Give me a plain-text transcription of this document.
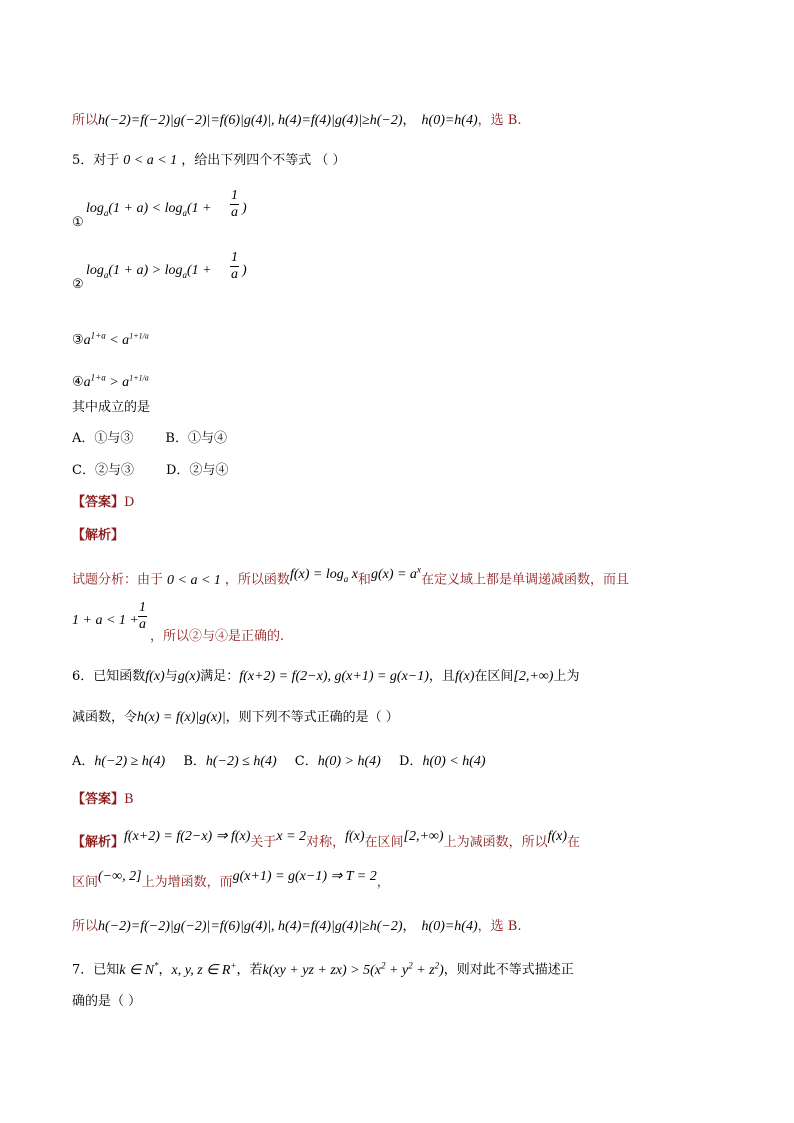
所以h(−2)=f(−2)|g(−2)|=f(6)|g(4)|, h(4)=f(4)|g(4)|≥h(−2)， h(0)=h(4)，选 B.
5．对于 0 < a < 1 ，给出下列四个不等式 （ ）
①
$\log_a(1 + a) < \log_a(1 + \frac{1}{a}$ )
②
$\log_a(1 + a) > \log_a(1 + \frac{1}{a}$ )
$③a^{1+a} < a^{1+1/a}$
$④a^{1+a} > a^{1+1/a}$
其中成立的是
A．①与③ B．①与④
C．②与③ D．②与④
【答案】D
【解析】
试题分析：由于 0 < a < 1 ，所以函数$f(x) = \log_a x$和$g(x) = a^x$在定义域上都是单调递减函数，而且
$1 + a < 1 + \frac{1}{a}$
，所以②与④是正确的.
6．已知函数f(x)与g(x)满足：f(x+2) = f(2−x), g(x+1) = g(x−1)，且f(x)在区间[2,+∞)上为
减函数，令h(x) = f(x)|g(x)|，则下列不等式正确的是（ ）
A．h(−2) ≥ h(4) B．h(−2) ≤ h(4) C．h(0) > h(4) D．h(0) < h(4)
【答案】B
【解析】f(x+2) = f(2−x) ⇒ f(x)关于x = 2对称，f(x)在区间[2,+∞)上为减函数，所以f(x)在
区间(−∞, 2]上为增函数，而g(x+1) = g(x−1) ⇒ T = 2，
所以h(−2)=f(−2)|g(−2)|=f(6)|g(4)|, h(4)=f(4)|g(4)|≥h(−2)， h(0)=h(4)，选 B.
7．已知k ∈ N*，x, y, z ∈ R+，若k(xy + yz + $zx) > 5(x^2 + y^2 + z^2)$，则对此不等式描述正
确的是（ ）
